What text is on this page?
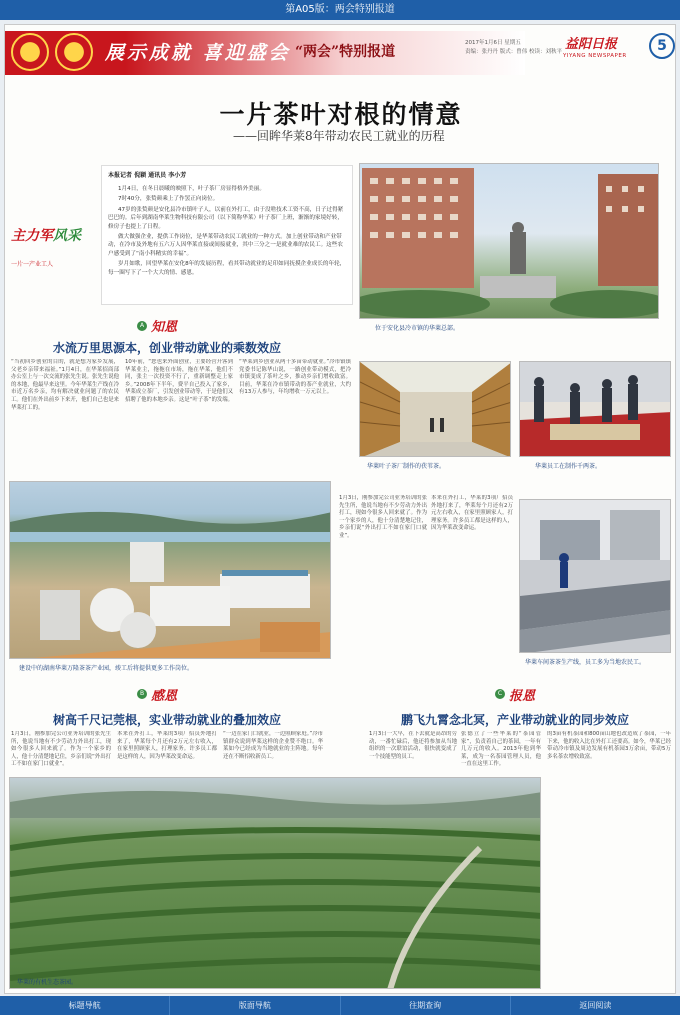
第A05版：两会特别报道
展示成就 喜迎盛会 “两会”特别报道
2017年1月6日 星期五
责编：张丹丹 版式：曾伟 校读：刘秋平 益阳日报
YIYANG NEWSPAPER
5
一片茶叶对根的情意
——回眸华莱8年带动农民工就业的历程
主力军风采
一片一产业工人
本报记者 倪颖 通讯员 李小芳

1月4日，在冬日晨曦的映照下，叶子茶厂房显得格外美丽。

7时40分，张贽颜乘上了作罢正向岗位。

47岁的张贽颜是安化县冷市镇叶子人，以前在外打工，由于没啥技术工资不高，日子过得紧巴巴的。后年到湖南华莱生物科技有限公司（以下简称华莱）叶子茶厂上班，渐渐的家境好转，修房子也提上了日程。

做大做强企业，提供工作岗位，是华莱带动农民工就业的一种方式。加上创业带动和产业带动，在冷市及外地有五六万人因华莱直接或间接就业，其中三分之一是就业难的农民工。这些农户感受到了“南小科精实的幸福”。

岁月如歌，回望华莱在安化8年的发展历程，看其带动就业的足印如同抚摸企业成长的年轮，每一圈写下了一个大大的情、感恩。

位于安化县冷市镇的华莱总部。
A 知恩
水流万里思源本，创业带动就业的乘数效应
“当初回乡创业的目的，就是想为家乡发展，父老乡亲带来福祉。”1月4日，在华莱招商部办公室上与一次交流的张先生说。张先生说他的本地，他最早来这里。今年华莱生产线在冷市近万名乡亲，均有解决就业问题了的农民工。他们在外出前乡下来开，他们自己也是来华莱打工的。
10年前，“您也来外面创业，主要经营开客到华莱业主，拖拖在市场，拖在华莱，他们不同，张主一次投资不行了，重新调整走上家乡。”2008年下半年，费平自己投入了家乡，华莱成立茶厂，引发创业带动等，于是他们又招聘了他的本地乡亲。这是“叶子茶”的发端。
“华莱到乡创业从两千多亩带动就业。”冷市镇镇党委书记陈华山说，一路创业带动模式，把冷市镇变成了茶叶之乡，推动乡亲们增收致富。目前，华莱在冷市镇带动的茶产业就业，大约有13万人参与，年均增收一万元以上。
华莱叶子茶厂制作的茯苇茶。	华莱员工在制作千两茶。
建设中的湖南华莱万隆茶茶产业园，竣工后将提供更多工作岗位。
1月3日，刚参加完公司业务培训的张先生所，他说当地有不少劳动力外出打工，现如今很多人回来就了。作为一个家乡的人，他十分清楚地记住，乡亲们说“外出打工不如在家门口就业”。
本来在外打工，华莱的3项厂招员外地打来了，华莱每个月还有2万元左右收入，在家里照顾家人，打理家务。许多员工都是这样的人，因为华莱改变命运。
华莱车间茶茶生产线，员工多为当地农民工。
B 感恩
树高千尺记莞根，实业带动就业的叠加效应
C 报恩
鹏飞九霄念北冥，产业带动就业的同步效应
1月3日，刚参加完公司业务培训的张先生所，他说当地有不少劳动力外出打工，现如今很多人回来就了。作为一个家乡的人，他十分清楚地记住，乡亲们说“外出打工不如在家门口就业”。
本来在外打工，华莱的3项厂招员外地打来了，华莱每个月还有2万元左右收入，在家里照顾家人，打理家务。许多员工都是这样的人，因为华莱改变命运。
“一边在家门口就业，一边照顾家庭。”冷市镇群众说到华莱这样的企业赞不绝口。华莱如今已经成为当地就业的主阵地。每年还在不断招收新员工。
1月3日一大早，在下去就是高昂的劳动，一番忙碌后，他还将参加从当地组织的一次联谊活动，很快就变成了一个技能型的员工。
张德立了一些华莱的“茶园管家”，负责着自己的茶园，一年有几万元的收入。2013年他到华莱，成为一名茶园管理人员，他一直在这里工作。
华莱的有机生态茶园。
的3亩有机茶园和800亩山地也改造成了茶园，一年下来，他的收入比在外打工还要高。如今，华莱已经带动冷市镇及周边发展有机茶园3万余亩，带动5万多名茶农增收致富。
标题导航	版面导航	往期查询	返回阅读
